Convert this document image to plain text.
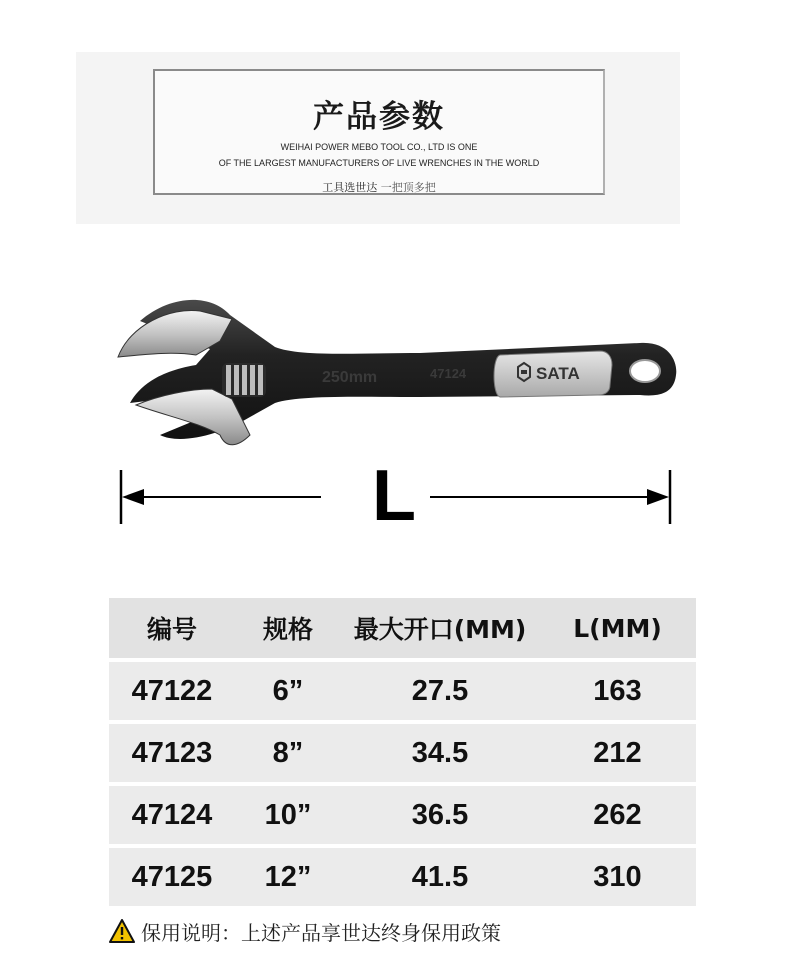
产品参数
WEIHAI POWER MEBO TOOL CO., LTD IS ONE
OF THE LARGEST MANUFACTURERS OF LIVE WRENCHES IN THE WORLD
工具选世达 一把顶多把
250mm	47124	SATA
L
编号	规格	最大开口(MM)	L(MM)
47122	6”	27.5	163
47123	8”	34.5	212
47124	10”	36.5	262
47125	12”	41.5	310
保用说明：上述产品享世达终身保用政策
